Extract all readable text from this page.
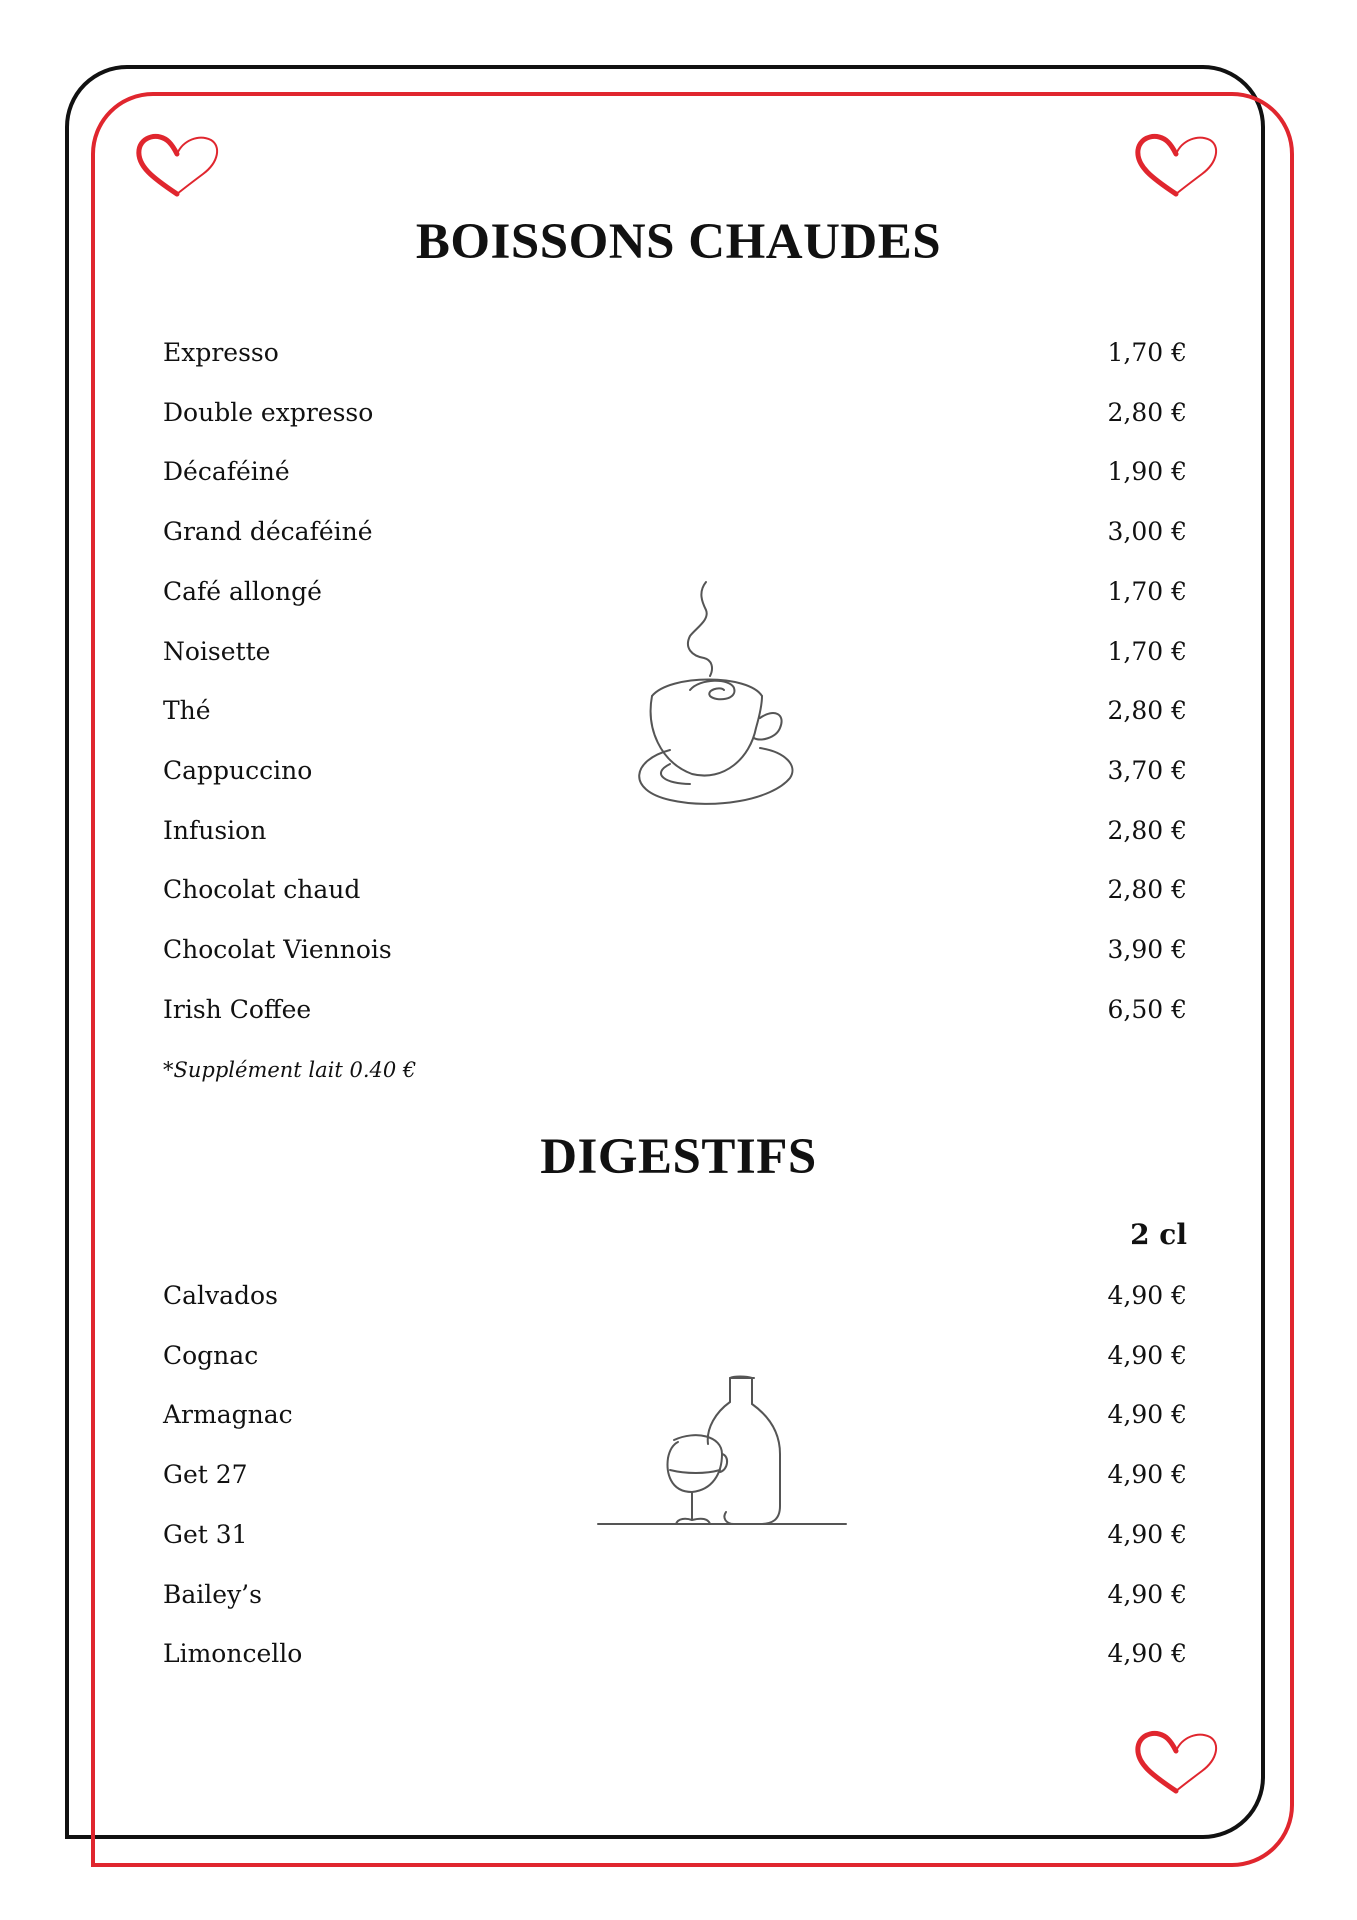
BOISSONS CHAUDES
Expresso	1,70 €
Double expresso	2,80 €
Décaféiné	1,90 €
Grand décaféiné	3,00 €
Café allongé	1,70 €
Noisette	1,70 €
Thé	2,80 €
Cappuccino	3,70 €
Infusion	2,80 €
Chocolat chaud	2,80 €
Chocolat Viennois	3,90 €
Irish Coffee	6,50 €
*Supplément lait 0.40 €
DIGESTIFS
2 cl
Calvados	4,90 €
Cognac	4,90 €
Armagnac	4,90 €
Get 27	4,90 €
Get 31	4,90 €
Bailey’s	4,90 €
Limoncello	4,90 €
